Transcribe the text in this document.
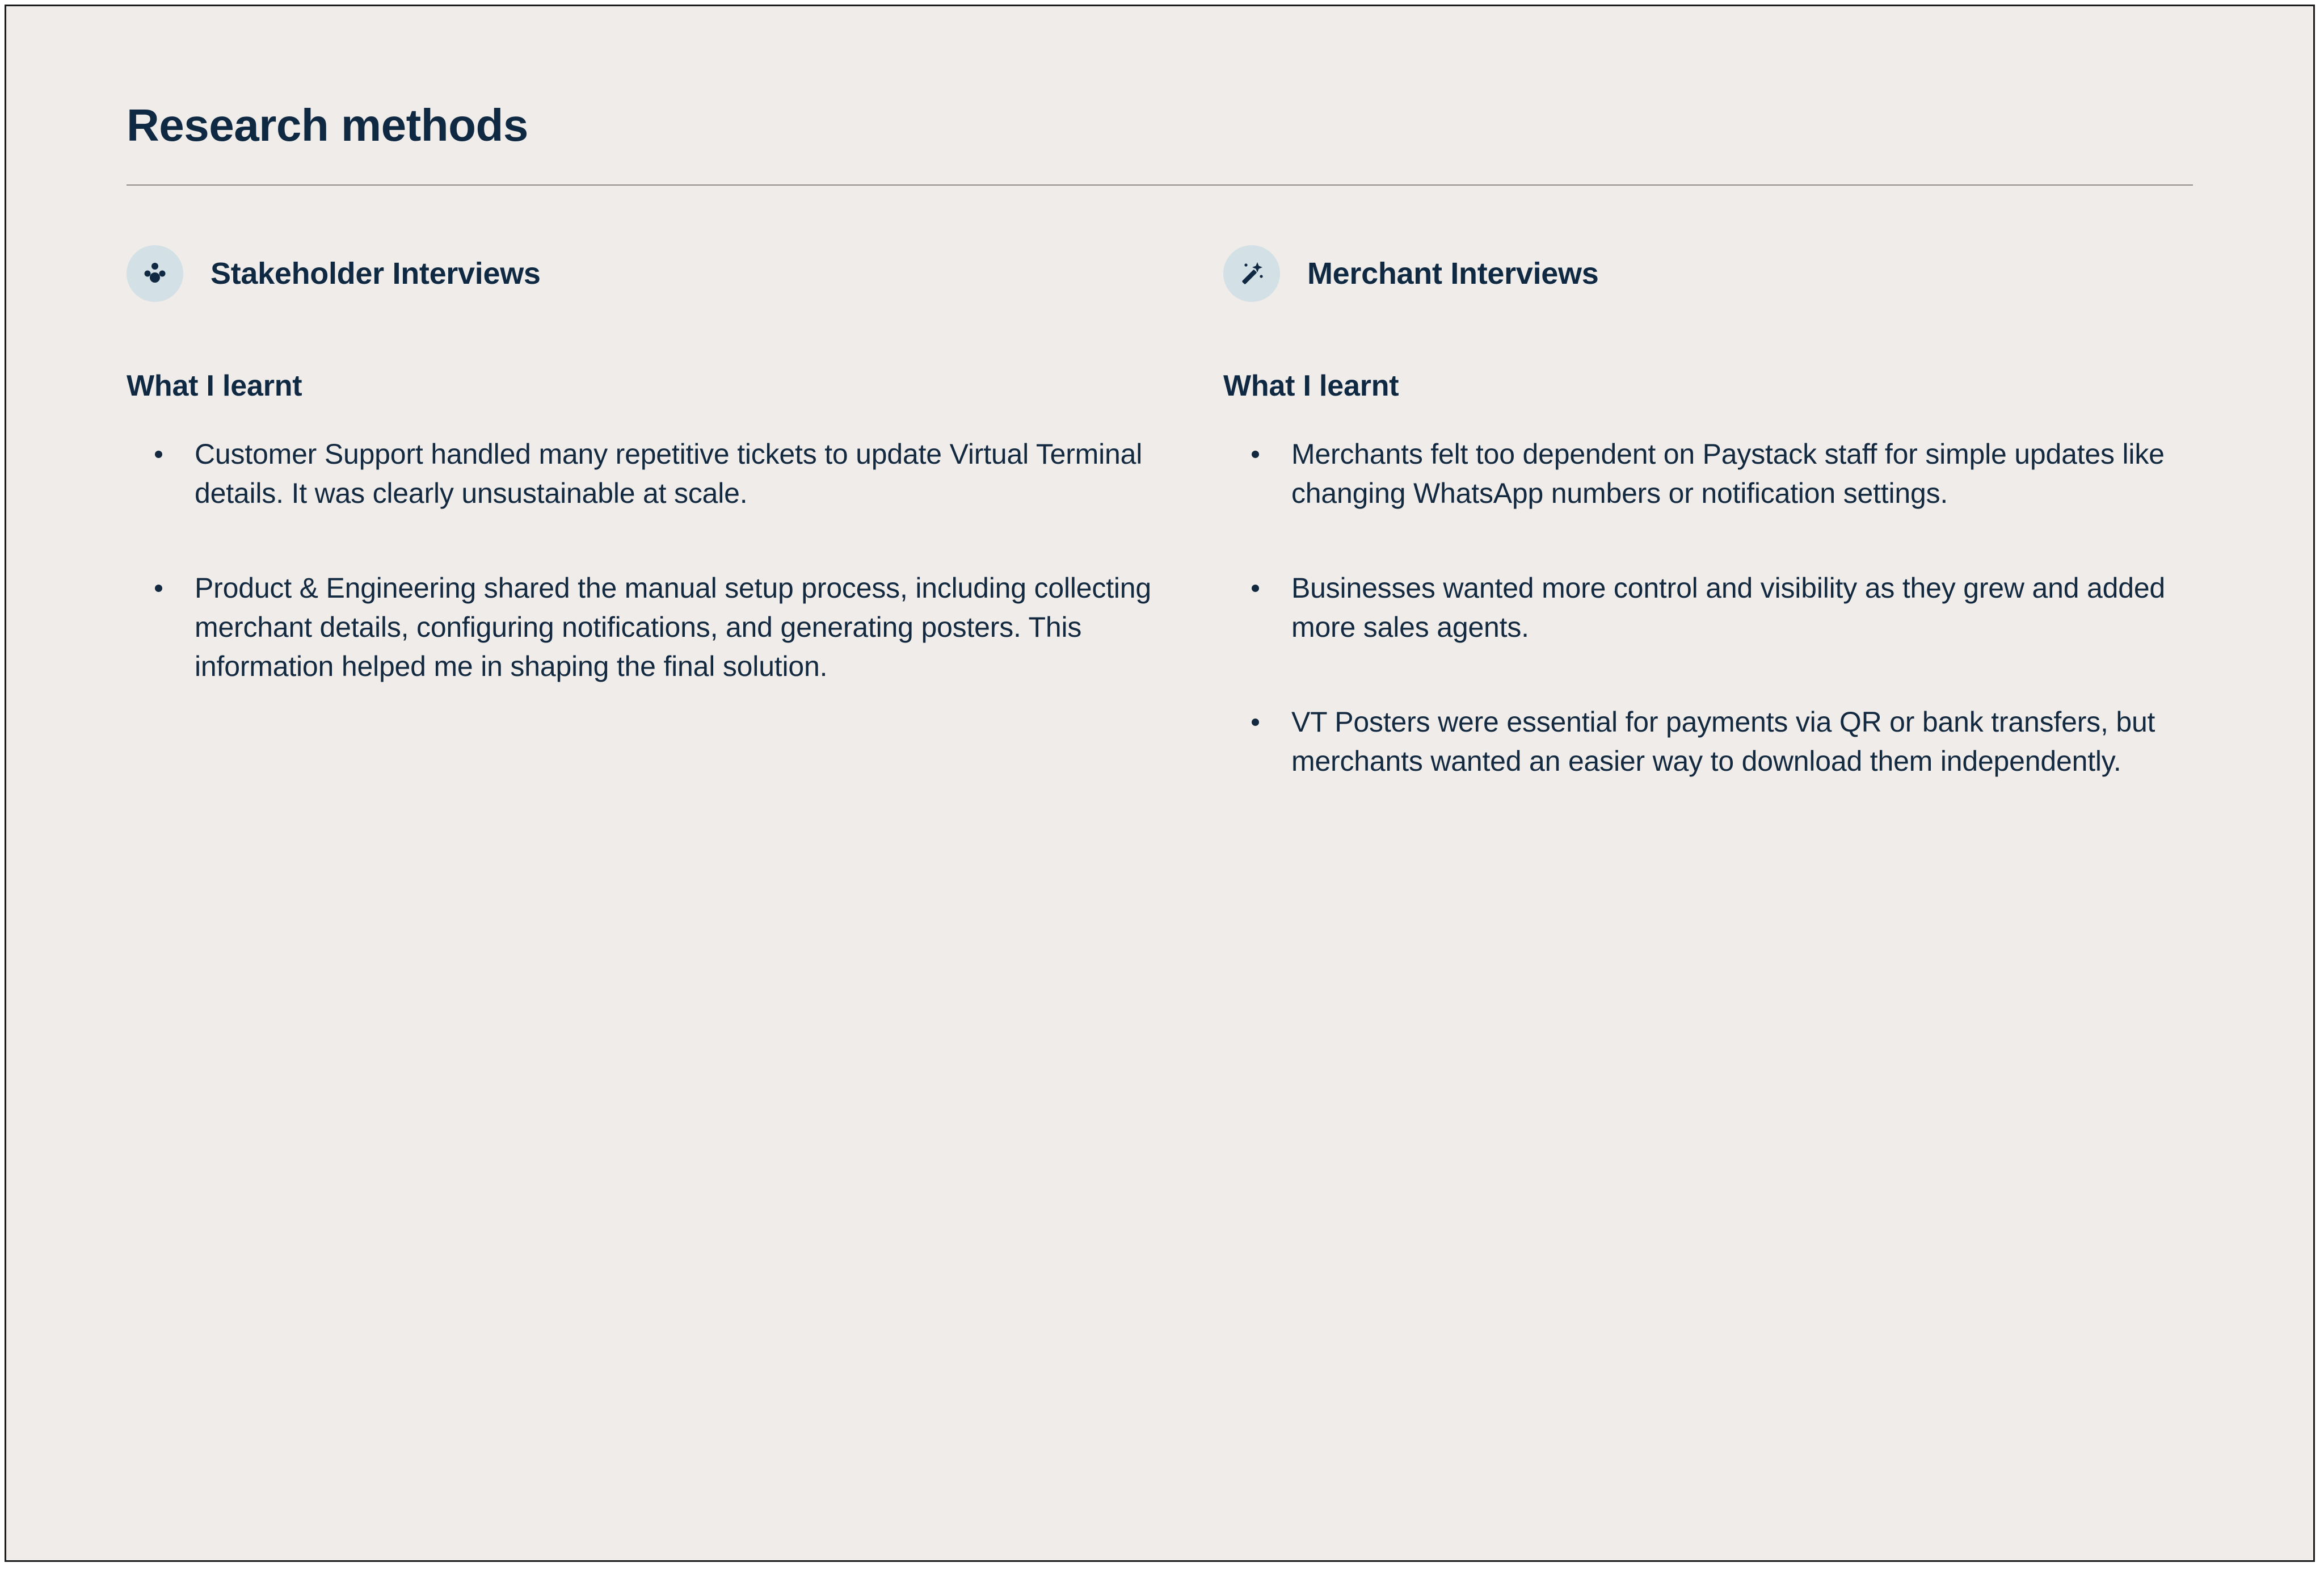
Research methods
Stakeholder Interviews
What I learnt
Customer Support handled many repetitive tickets to update Virtual Terminal details. It was clearly unsustainable at scale.
Product & Engineering shared the manual setup process, including collecting merchant details, configuring notifications, and generating posters. This information helped me in shaping the final solution.
Merchant Interviews
What I learnt
Merchants felt too dependent on Paystack staff for simple updates like changing WhatsApp numbers or notification settings.
Businesses wanted more control and visibility as they grew and added more sales agents.
VT Posters were essential for payments via QR or bank transfers, but merchants wanted an easier way to download them independently.
